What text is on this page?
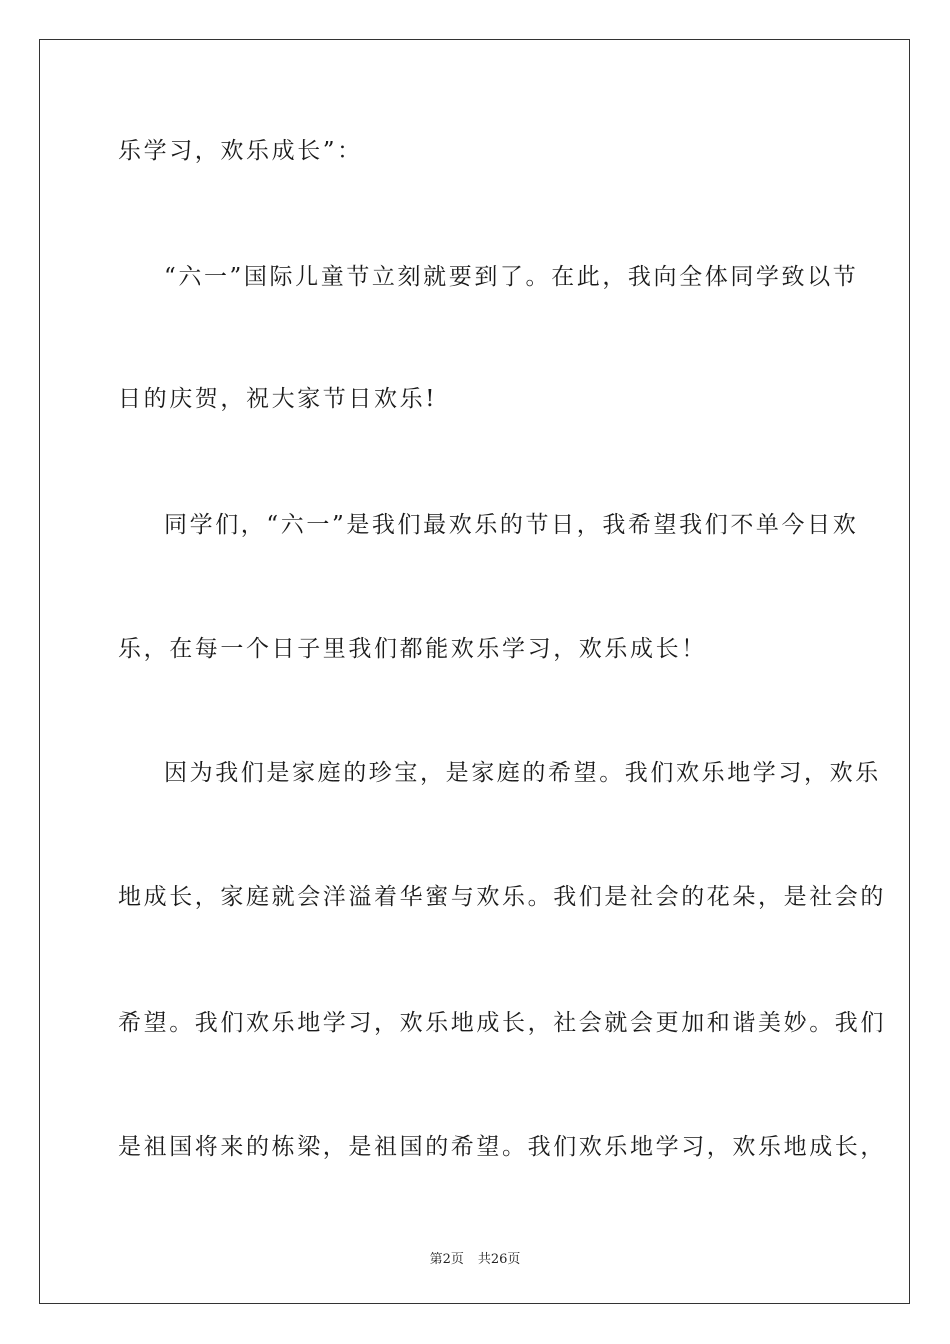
乐学习，欢乐成长”：
“六一”国际儿童节立刻就要到了。在此，我向全体同学致以节
日的庆贺，祝大家节日欢乐!
同学们，“六一”是我们最欢乐的节日，我希望我们不单今日欢
乐，在每一个日子里我们都能欢乐学习，欢乐成长！
因为我们是家庭的珍宝，是家庭的希望。我们欢乐地学习，欢乐
地成长，家庭就会洋溢着华蜜与欢乐。我们是社会的花朵，是社会的
希望。我们欢乐地学习，欢乐地成长，社会就会更加和谐美妙。我们
是祖国将来的栋梁，是祖国的希望。我们欢乐地学习，欢乐地成长，
第2页 共26页
